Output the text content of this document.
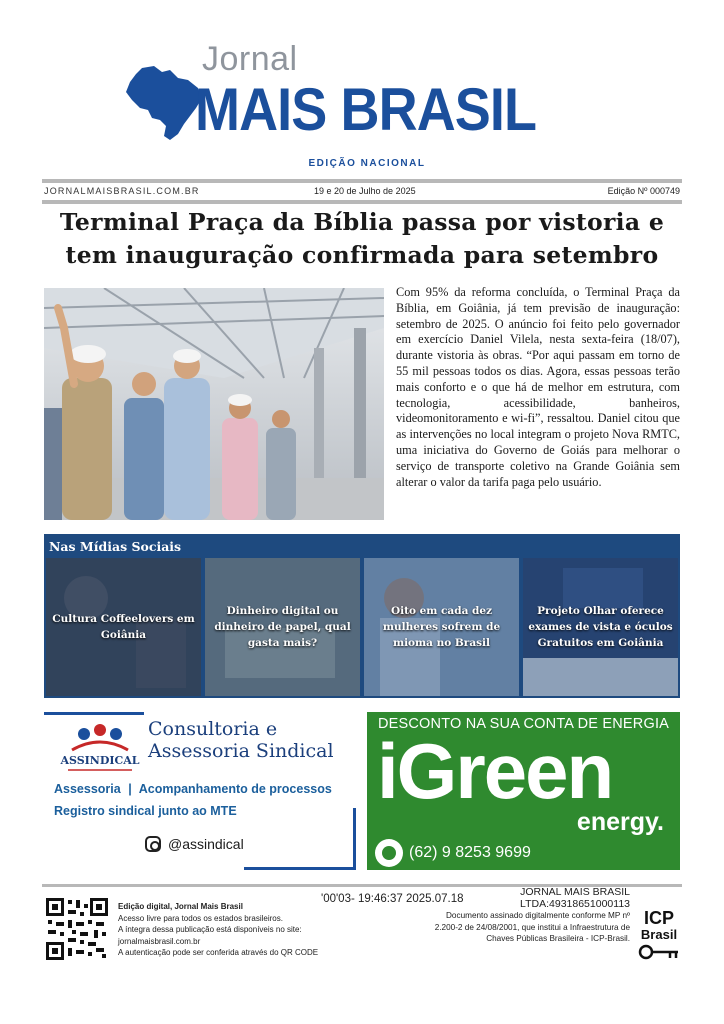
Jornal
MAIS BRASIL
EDIÇÃO NACIONAL
JORNALMAISBRASIL.COM.BR	19 e 20 de Julho de 2025	Edição Nº 000749
Terminal Praça da Bíblia passa por vistoria e
tem inauguração confirmada para setembro

Com 95% da reforma concluída, o Terminal Praça da Bíblia, em Goiânia, já tem previsão de inauguração: setembro de 2025. O anúncio foi feito pelo governador em exercício Daniel Vilela, nesta sexta-feira (18/07), durante vistoria às obras. “Por aqui passam em torno de 55 mil pessoas todos os dias. Agora, essas pessoas terão mais conforto e o que há de melhor em estrutura, com tecnologia, acessibilidade, banheiros, videomonitoramento e wi-fi”, ressaltou. Daniel citou que as intervenções no local integram o projeto Nova RMTC, uma iniciativa do Governo de Goiás para melhorar o serviço de transporte coletivo na Grande Goiânia sem alterar o valor da tarifa paga pelo usuário.

Nas Mídias Sociais
Cultura Coffeelovers em Goiânia
Dinheiro digital ou dinheiro de papel, qual gasta mais?
Oito em cada dez mulheres sofrem de mioma no Brasil
Projeto Olhar oferece exames de vista e óculos Gratuitos em Goiânia
ASSINDICAL
Consultoria e
Assessoria Sindical
Assessoria | Acompanhamento de processos
Registro sindical junto ao MTE
@assindical
DESCONTO NA SUA CONTA DE ENERGIA
iGreen
energy.
(62) 9 8253 9699
Edição digital, Jornal Mais Brasil
Acesso livre para todos os estados brasileiros.
A íntegra dessa publicação está disponíveis no site:
jornalmaisbrasil.com.br
A autenticação pode ser conferida através do QR CODE
'00'03- 19:46:37 2025.07.18
JORNAL MAIS BRASIL
LTDA:49318651000113
Documento assinado digitalmente conforme MP nº
2.200-2 de 24/08/2001, que institui a Infraestrutura de
Chaves Públicas Brasileira - ICP-Brasil.
ICP
Brasil
